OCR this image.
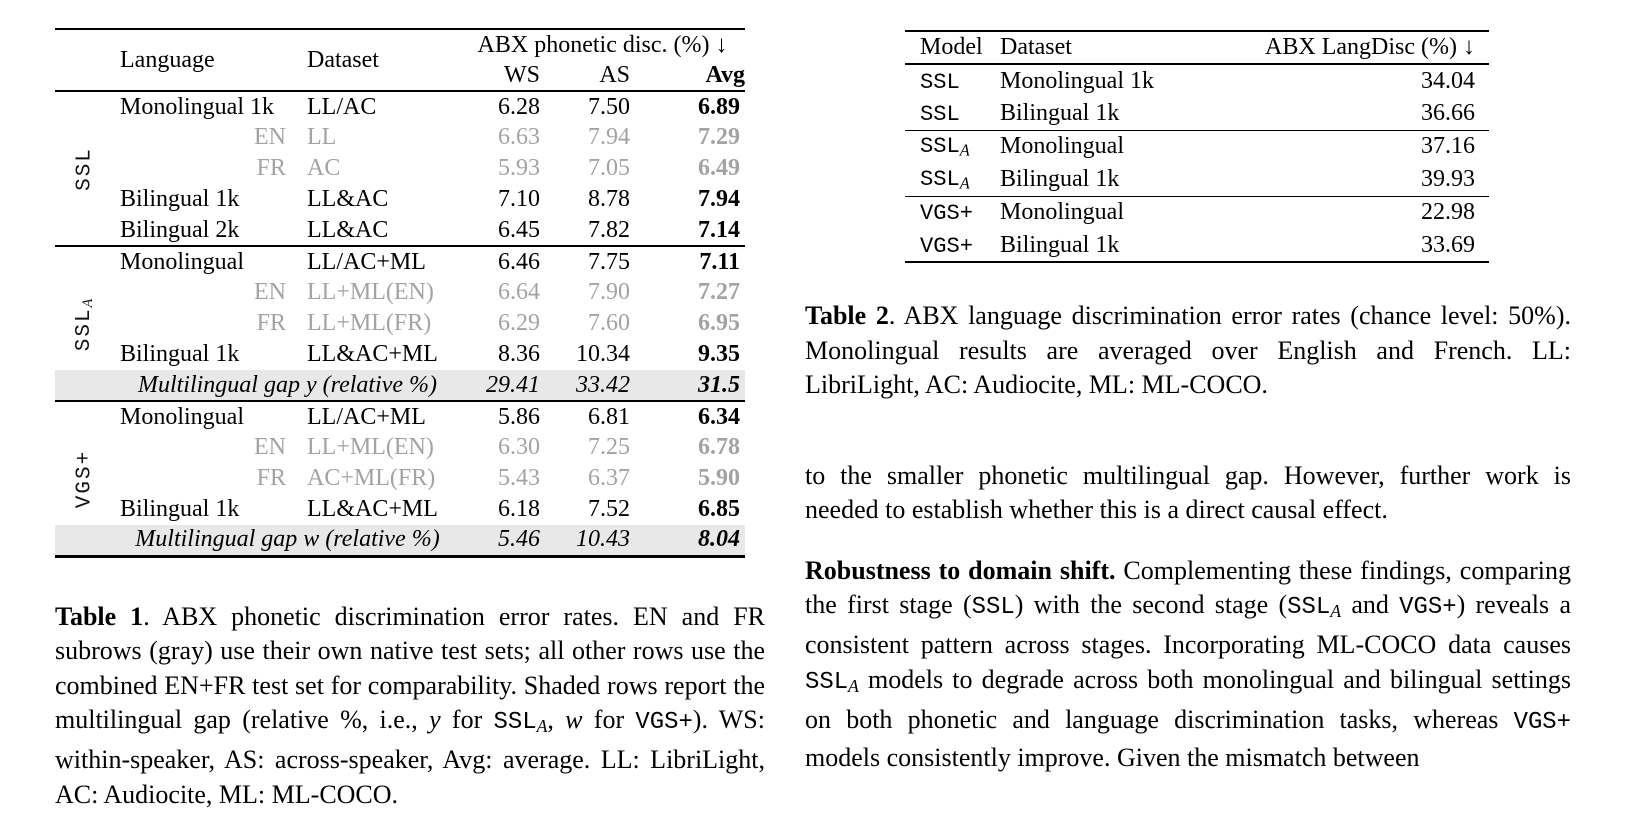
	Language	Dataset	ABX phonetic disc. (%) ↓		
			WS	AS	Avg
	Monolingual 1k	LL/AC	6.28	7.50	6.89
	EN	LL	6.63	7.94	7.29

SSL	FR	AC	5.93	7.05	6.49
	Bilingual 1k	LL&AC	7.10	8.78	7.94
	Bilingual 2k	LL&AC	6.45	7.82	7.14
	Monolingual	LL/AC+ML	6.46	7.75	7.11
	EN	LL+ML(EN)	6.64	7.90	7.27

$SSL_A$	FR	LL+ML(FR)	6.29	7.60	6.95
	Bilingual 1k	LL&AC+ML	8.36	10.34	9.35
	Multilingual gap y (relative %)		29.41	33.42	31.5
	Monolingual	LL/AC+ML	5.86	6.81	6.34
	EN	LL+ML(EN)	6.30	7.25	6.78

VGS+	FR	AC+ML(FR)	5.43	6.37	5.90
	Bilingual 1k	LL&AC+ML	6.18	7.52	6.85
	Multilingual gap w (relative %)		5.46	10.43	8.04

Table 1. ABX phonetic discrimination error rates. EN and FR subrows (gray) use their own native test sets; all other rows use the combined EN+FR test set for comparability. Shaded rows report the multilingual gap (relative %, i.e., y for $SSL_A$, w for VGS+). WS: within-speaker, AS: across-speaker, Avg: average. LL: LibriLight, AC: Audiocite, ML: ML-COCO.

Model	Dataset	ABX LangDisc (%) ↓
SSL	Monolingual 1k	34.04
SSL	Bilingual 1k	36.66
$SSL_A$	Monolingual	37.16
$SSL_A$	Bilingual 1k	39.93
VGS+	Monolingual	22.98
VGS+	Bilingual 1k	33.69

Table 2. ABX language discrimination error rates (chance level: 50%). Monolingual results are averaged over English and French. LL: LibriLight, AC: Audiocite, ML: ML-COCO.

to the smaller phonetic multilingual gap. However, further work is needed to establish whether this is a direct causal effect.

Robustness to domain shift. Complementing these findings, comparing the first stage (SSL) with the second stage ($SSL_A$ and VGS+) reveals a consistent pattern across stages. Incorporating ML-COCO data causes $SSL_A$ models to degrade across both monolingual and bilingual settings on both phonetic and language discrimination tasks, whereas VGS+ models consistently improve. Given the mismatch between
